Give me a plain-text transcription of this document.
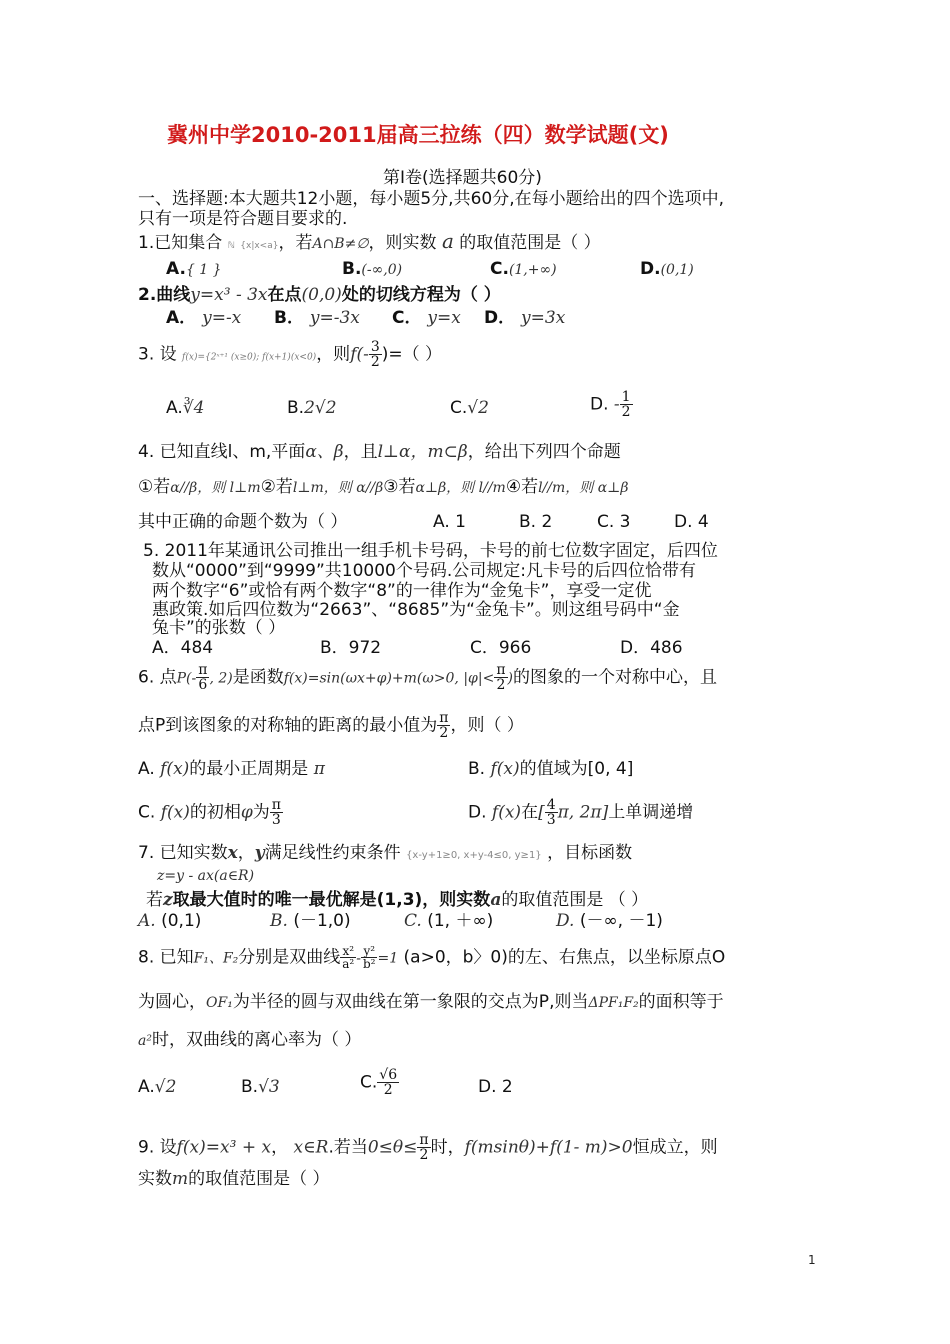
冀州中学2010-2011届高三拉练（四）数学试题(文)
第Ⅰ卷(选择题共60分)
一、选择题:本大题共12小题，每小题5分,共60分,在每小题给出的四个选项中,
只有一项是符合题目要求的.
1.已知集合 ℕ {x|x<a}，若A∩B≠∅，则实数 a 的取值范围是（ ）
A.{ 1 }	B.(-∞,0)	C.(1,+∞)	D.(0,1)
2.曲线y=x³ - 3x在点(0,0)处的切线方程为（ ）
A． y=-x B． y=-3x C． y=x D． y=3x
3. 设 f(x)={2ˣ⁺¹ (x≥0); f(x+1)(x<0)，则$f(- \frac{3}{2}$ )=（ ）
A.∛4	B.2√2	C.√2	D. - $\frac{1}{2}$
4. 已知直线l、m,平面α、β，且l⊥α，m⊂β，给出下列四个命题
①若α//β，则 l⊥m②若l⊥m，则 α//β③若α⊥β，则 l//m④若l//m，则 α⊥β
其中正确的命题个数为（ ）	A. 1	B. 2	C. 3	D. 4
5. 2011年某通讯公司推出一组手机卡号码，卡号的前七位数字固定，后四位
数从“0000”到“9999”共10000个号码.公司规定:凡卡号的后四位恰带有
两个数字“6”或恰有两个数字“8”的一律作为“金兔卡”，享受一定优
惠政策.如后四位数为“2663”、“8685”为“金兔卡”。则这组号码中“金
兔卡”的张数（ ）
A．484	B．972	C．966	D．486
6. 点$P(- \frac{\pi}{6}$ , 2)是函数f(x)=sin(ωx+φ)+m(ω>0, $|\varphi|< \frac{\pi}{2}$ )的图象的一个对称中心，且
点P到该图象的对称轴的距离的最小值为 $\frac{\pi}{2}$ ，则（ ）
A. f(x)的最小正周期是 π	B. f(x)的值域为[0, 4]
C. f(x)的初相φ为 $\frac{\pi}{3}$	D. f(x)在[ $\frac{4}{3} \pi$, 2π]上单调递增
7. 已知实数x，y满足线性约束条件 {x-y+1≥0, x+y-4≤0, y≥1} ，目标函数
z=y - ax(a∈R)
若z取最大值时的唯一最优解是(1,3)，则实数a的取值范围是 （ ）
A. (0,1)	B. (－1,0)	C. (1, ＋∞)	D. (－∞, －1)
8. 已知F₁、F₂分别是双曲线 $\frac{\text{x²}}{\text{a²}} - \frac{\text{y²}}{\text{b²}} =1$ (a>0，b〉0)的左、右焦点，以坐标原点O
为圆心，OF₁为半径的圆与双曲线在第一象限的交点为P,则当ΔPF₁F₂的面积等于
a²时，双曲线的离心率为（ ）
A.√2	B.√3	C. $\frac{√6}{2}$	D. 2
9. 设f(x)=x³ + x， x∈R.若当$0\le\theta\le \frac{\pi}{2}$ 时，f(msinθ)+f(1- m)>0恒成立，则
实数m的取值范围是（ ）
1
